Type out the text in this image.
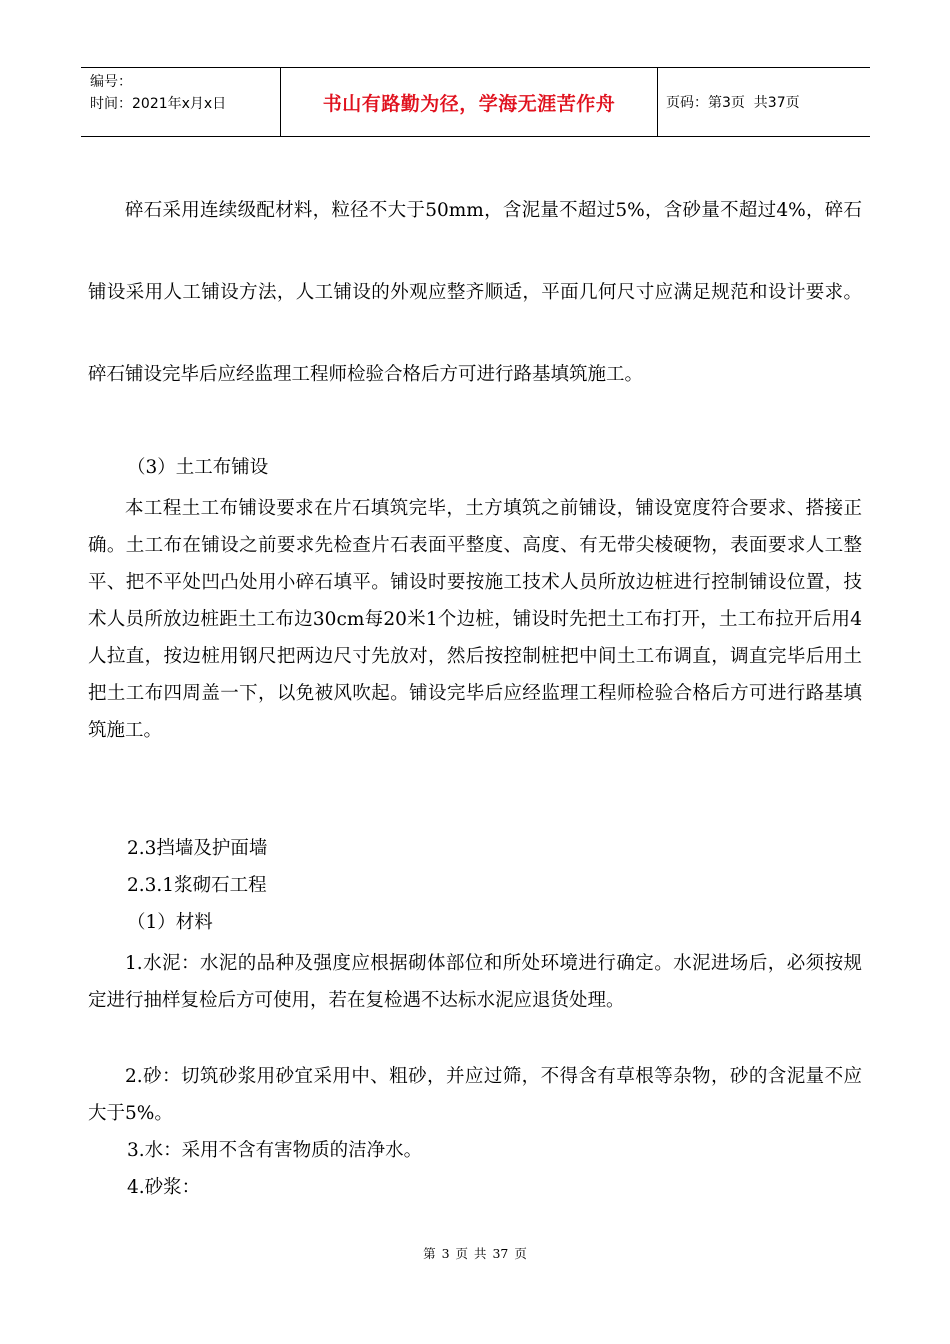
编号：
时间：2021年x月x日	书山有路勤为径，学海无涯苦作舟	页码：第3页  共37页

碎石采用连续级配材料，粒径不大于50mm，含泥量不超过5%，含砂量不超过4%，碎石铺设采用人工铺设方法，人工铺设的外观应整齐顺适，平面几何尺寸应满足规范和设计要求。碎石铺设完毕后应经监理工程师检验合格后方可进行路基填筑施工。

（3）土工布铺设

本工程土工布铺设要求在片石填筑完毕，土方填筑之前铺设，铺设宽度符合要求、搭接正确。土工布在铺设之前要求先检查片石表面平整度、高度、有无带尖棱硬物，表面要求人工整平、把不平处凹凸处用小碎石填平。铺设时要按施工技术人员所放边桩进行控制铺设位置，技术人员所放边桩距土工布边30cm每20米1个边桩，铺设时先把土工布打开，土工布拉开后用4人拉直，按边桩用钢尺把两边尺寸先放对，然后按控制桩把中间土工布调直，调直完毕后用土把土工布四周盖一下，以免被风吹起。铺设完毕后应经监理工程师检验合格后方可进行路基填筑施工。

2.3挡墙及护面墙

2.3.1浆砌石工程

（1）材料

1.水泥：水泥的品种及强度应根据砌体部位和所处环境进行确定。水泥进场后，必须按规定进行抽样复检后方可使用，若在复检遇不达标水泥应退货处理。

2.砂：切筑砂浆用砂宜采用中、粗砂，并应过筛，不得含有草根等杂物，砂的含泥量不应大于5%。

3.水：采用不含有害物质的洁净水。

4.砂浆：

第 3 页 共 37 页
